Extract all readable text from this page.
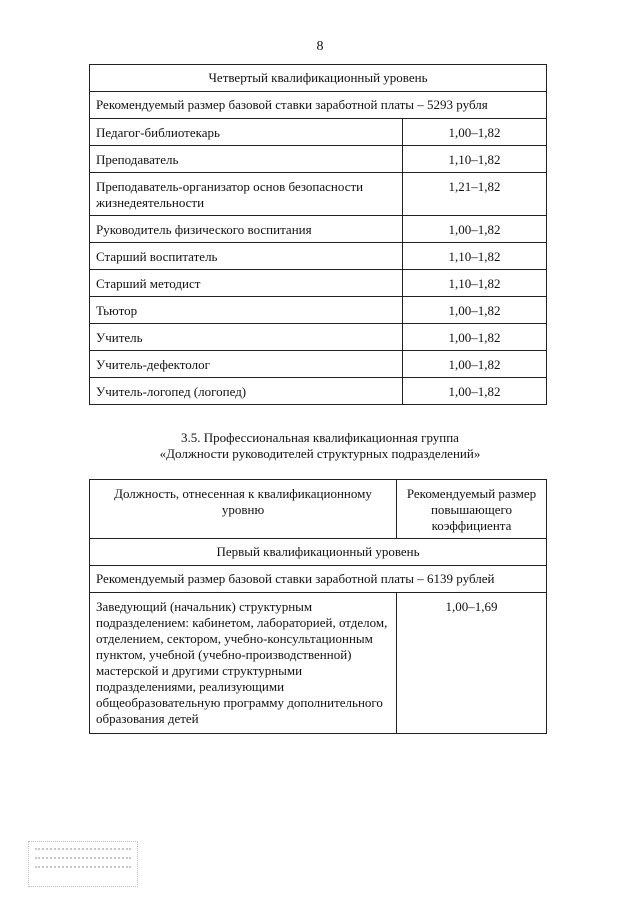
8
Четвертый квалификационный уровень	
Рекомендуемый размер базовой ставки заработной платы – 5293 рубля	
Педагог-библиотекарь	1,00–1,82
Преподаватель	1,10–1,82
Преподаватель-организатор основ безопасности жизнедеятельности	1,21–1,82
Руководитель физического воспитания	1,00–1,82
Старший воспитатель	1,10–1,82
Старший методист	1,10–1,82
Тьютор	1,00–1,82
Учитель	1,00–1,82
Учитель-дефектолог	1,00–1,82
Учитель-логопед (логопед)	1,00–1,82
3.5. Профессиональная квалификационная группа
«Должности руководителей структурных подразделений»
Должность, отнесенная к квалификационному уровню	Рекомендуемый размер повышающего коэффициента
Первый квалификационный уровень	
Рекомендуемый размер базовой ставки заработной платы – 6139 рублей	
Заведующий (начальник) структурным подразделением: кабинетом, лабораторией, отделом, отделением, сектором, учебно-консультационным пунктом, учебной (учебно-производственной) мастерской и другими структурными подразделениями, реализующими общеобразовательную программу дополнительного образования детей	1,00–1,69
